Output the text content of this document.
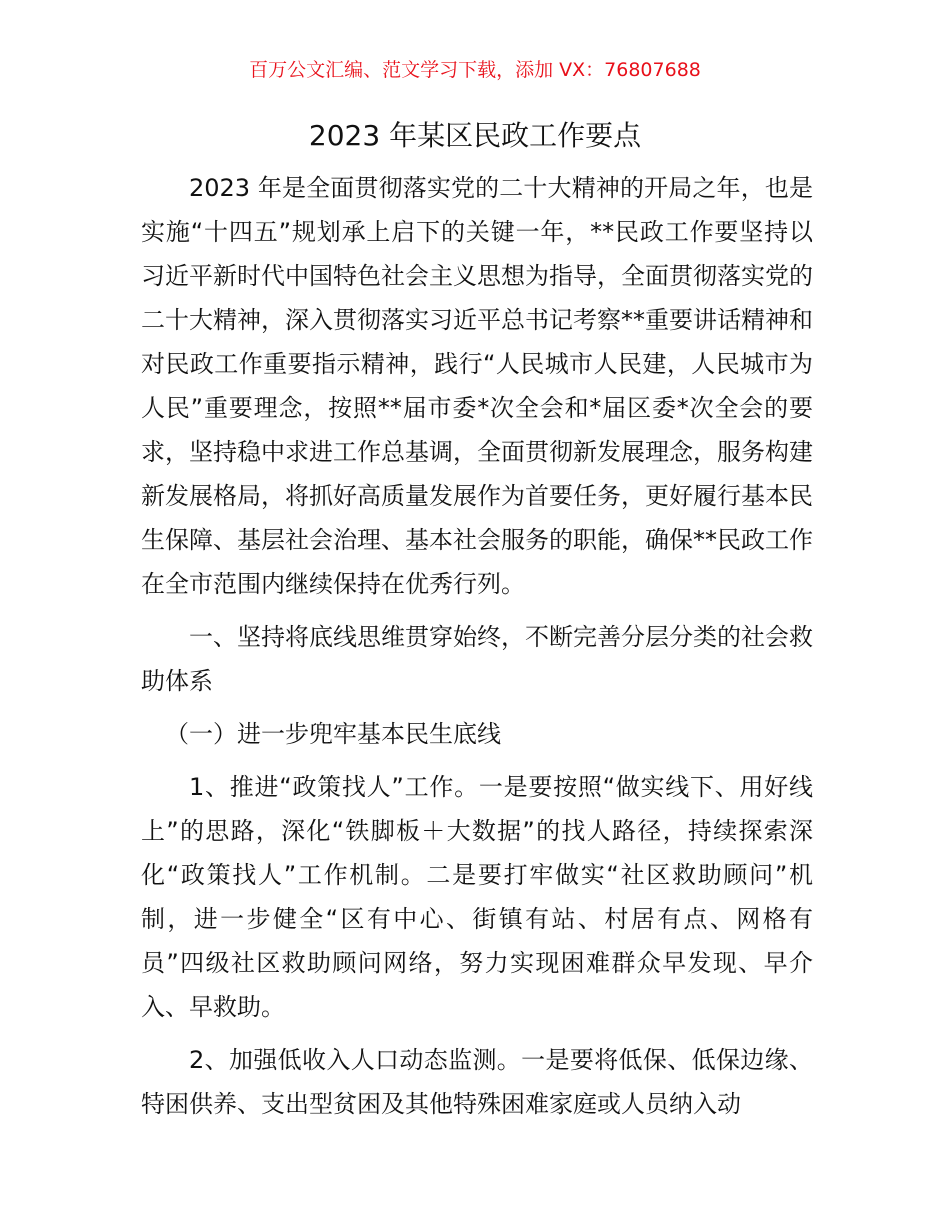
百万公文汇编、范文学习下载，添加 VX：76807688
2023 年某区民政工作要点

2023 年是全面贯彻落实党的二十大精神的开局之年，也是实施“十四五”规划承上启下的关键一年，**民政工作要坚持以习近平新时代中国特色社会主义思想为指导，全面贯彻落实党的二十大精神，深入贯彻落实习近平总书记考察**重要讲话精神和对民政工作重要指示精神，践行“人民城市人民建，人民城市为人民”重要理念，按照**届市委*次全会和*届区委*次全会的要求，坚持稳中求进工作总基调，全面贯彻新发展理念，服务构建新发展格局，将抓好高质量发展作为首要任务，更好履行基本民生保障、基层社会治理、基本社会服务的职能，确保**民政工作在全市范围内继续保持在优秀行列。

一、坚持将底线思维贯穿始终，不断完善分层分类的社会救助体系

（一）进一步兜牢基本民生底线

1、推进“政策找人”工作。一是要按照“做实线下、用好线上”的思路，深化“铁脚板＋大数据”的找人路径，持续探索深化“政策找人”工作机制。二是要打牢做实“社区救助顾问”机制，进一步健全“区有中心、街镇有站、村居有点、网格有员”四级社区救助顾问网络，努力实现困难群众早发现、早介入、早救助。

2、加强低收入人口动态监测。一是要将低保、低保边缘、特困供养、支出型贫困及其他特殊困难家庭或人员纳入动
